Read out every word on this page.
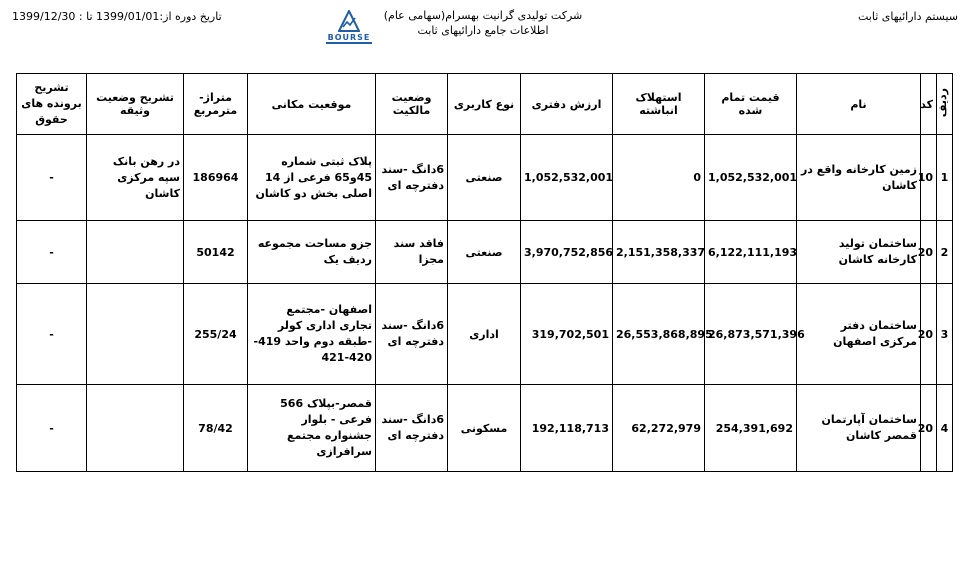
سیستم دارائیهای ثابت
شرکت تولیدی گرانیت بهسرام(سهامی عام)
اطلاعات جامع دارائیهای ثابت
تاریخ دوره از:1399/01/01 تا : 1399/12/30
BOURSE
ردیف	کد	نام	قیمت تمام شده	استهلاک انباشته	ارزش دفتری	نوع کاربری	وضعیت مالکیت	موقعیت مکانی	متراژ-مترمربع	تشریح وضعیت وثیقه	تشریح برونده های حقوق
1	10	زمین کارخانه واقع در کاشان	1,052,532,001	0	1,052,532,001	صنعتی	6دانگ -سند دفترچه ای	پلاک ثبتی شماره 45و65 فرعی از 14 اصلی بخش دو کاشان	186964	در رهن بانک سپه مرکزی کاشان	-
2	20	ساختمان تولید کارخانه کاشان	6,122,111,193	2,151,358,337	3,970,752,856	صنعتی	فاقد سند مجزا	جزو مساحت مجموعه ردیف یک	50142		-
3	20	ساختمان دفتر مرکزی اصفهان	26,873,571,396	26,553,868,895	319,702,501	اداری	6دانگ -سند دفترچه ای	اصفهان -مجتمع تجاری اداری کولر -طبقه دوم واحد 419-420-421	255/24		-
4	20	ساختمان آپارتمان قمصر کاشان	254,391,692	62,272,979	192,118,713	مسکونی	6دانگ -سند دفترچه ای	قمصر-بپلاک 566 فرعی - بلوار جشنواره مجتمع سرافرازی	78/42		-
